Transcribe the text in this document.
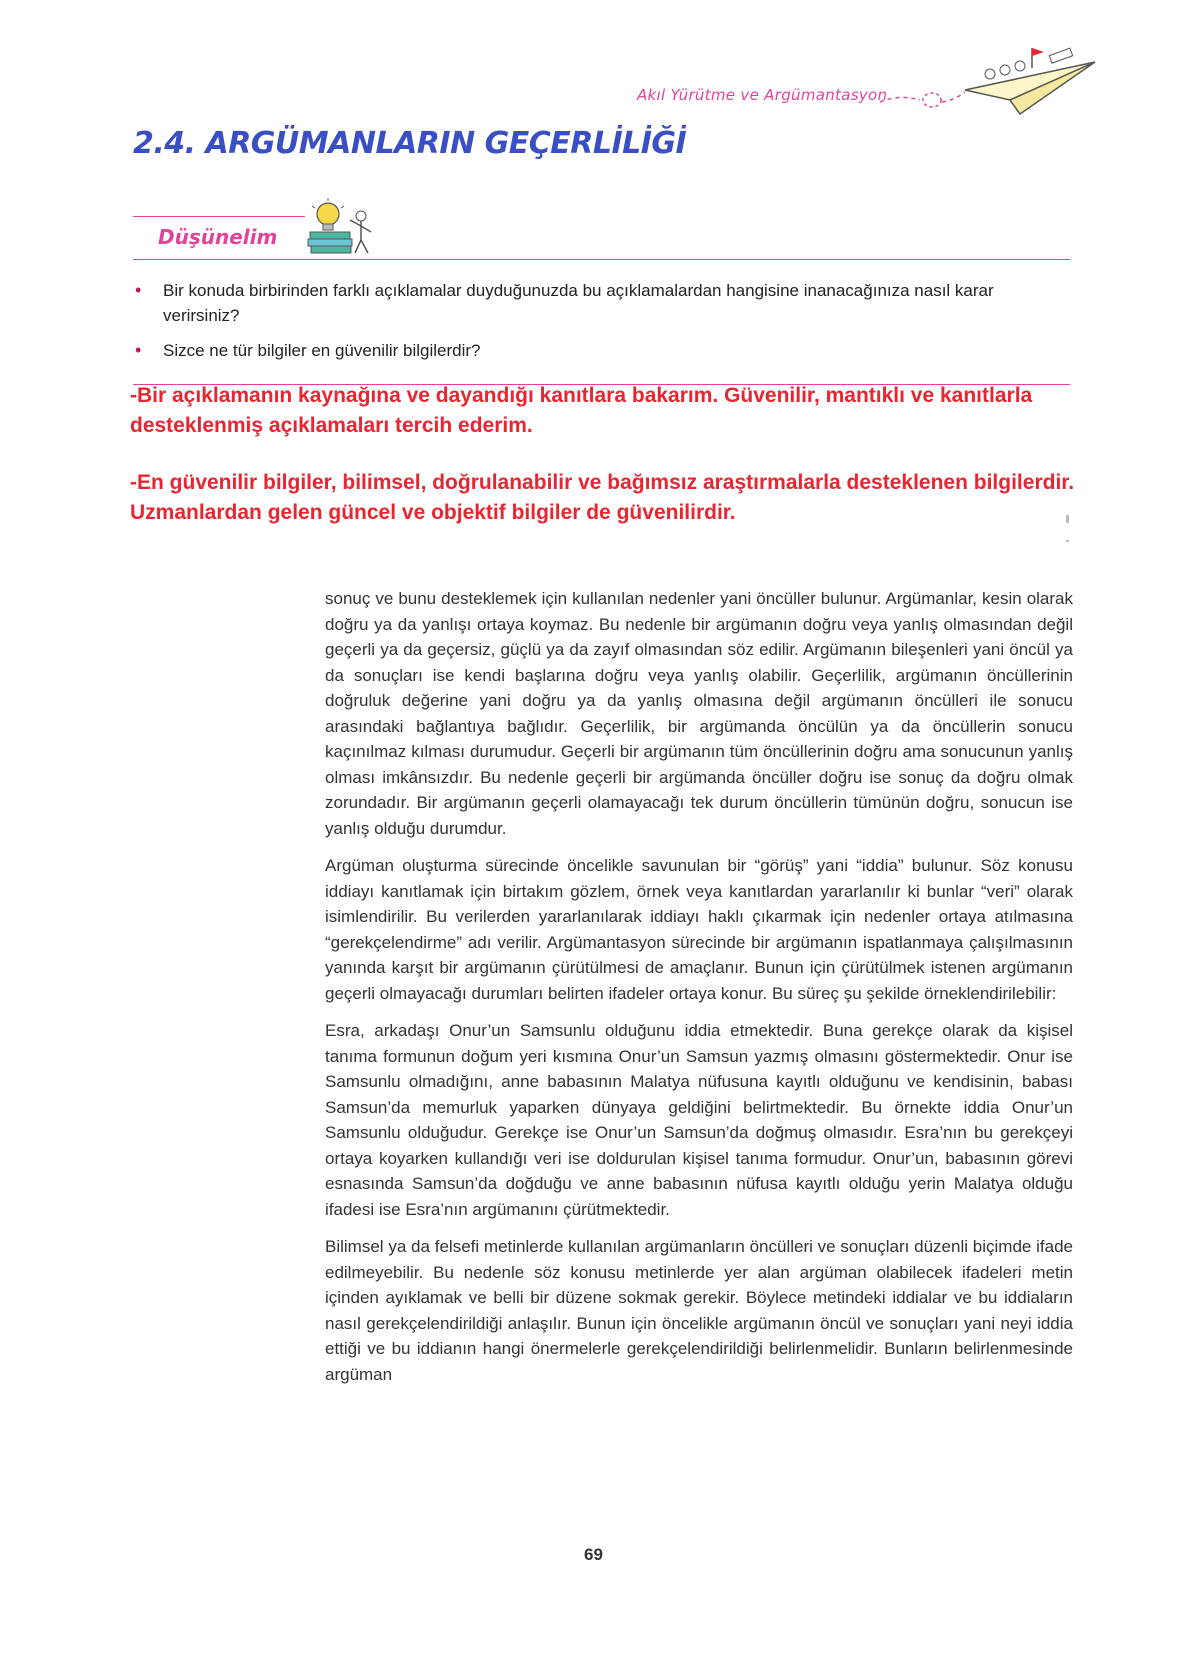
Akıl Yürütme ve Argümantasyon
2.4. ARGÜMANLARIN GEÇERLİLİĞİ
Düşünelim
• Bir konuda birbirinden farklı açıklamalar duyduğunuzda bu açıklamalardan hangisine inanacağınıza nasıl karar verirsiniz?
• Sizce ne tür bilgiler en güvenilir bilgilerdir?

-Bir açıklamanın kaynağına ve dayandığı kanıtlara bakarım. Güvenilir, mantıklı ve kanıtlarla desteklenmiş açıklamaları tercih ederim.

-En güvenilir bilgiler, bilimsel, doğrulanabilir ve bağımsız araştırmalarla desteklenen bilgilerdir. Uzmanlardan gelen güncel ve objektif bilgiler de güvenilirdir.

sonuç ve bunu desteklemek için kullanılan nedenler yani öncüller bulunur. Argümanlar, kesin olarak doğru ya da yanlışı ortaya koymaz. Bu nedenle bir argümanın doğru veya yanlış olmasından değil geçerli ya da geçersiz, güçlü ya da zayıf olmasından söz edilir. Argümanın bileşenleri yani öncül ya da sonuçları ise kendi başlarına doğru veya yanlış olabilir. Geçerlilik, argümanın öncüllerinin doğruluk değerine yani doğru ya da yanlış olmasına değil argümanın öncülleri ile sonucu arasındaki bağlantıya bağlıdır. Geçerlilik, bir argümanda öncülün ya da öncüllerin sonucu kaçınılmaz kılması durumudur. Geçerli bir argümanın tüm öncüllerinin doğru ama sonucunun yanlış olması imkânsızdır. Bu nedenle geçerli bir argümanda öncüller doğru ise sonuç da doğru olmak zorundadır. Bir argümanın geçerli olamayacağı tek durum öncüllerin tümünün doğru, sonucun ise yanlış olduğu durumdur.

Argüman oluşturma sürecinde öncelikle savunulan bir “görüş” yani “iddia” bulunur. Söz konusu iddiayı kanıtlamak için birtakım gözlem, örnek veya kanıtlardan yararlanılır ki bunlar “veri” olarak isimlendirilir. Bu verilerden yararlanılarak iddiayı haklı çıkarmak için nedenler ortaya atılmasına “gerekçelendirme” adı verilir. Argümantasyon sürecinde bir argümanın ispatlanmaya çalışılmasının yanında karşıt bir argümanın çürütülmesi de amaçlanır. Bunun için çürütülmek istenen argümanın geçerli olmayacağı durumları belirten ifadeler ortaya konur. Bu süreç şu şekilde örneklendirilebilir:

Esra, arkadaşı Onur’un Samsunlu olduğunu iddia etmektedir. Buna gerekçe olarak da kişisel tanıma formunun doğum yeri kısmına Onur’un Samsun yazmış olmasını göstermektedir. Onur ise Samsunlu olmadığını, anne babasının Malatya nüfusuna kayıtlı olduğunu ve kendisinin, babası Samsun’da memurluk yaparken dünyaya geldiğini belirtmektedir. Bu örnekte iddia Onur’un Samsunlu olduğudur. Gerekçe ise Onur’un Samsun’da doğmuş olmasıdır. Esra’nın bu gerekçeyi ortaya koyarken kullandığı veri ise doldurulan kişisel tanıma formudur. Onur’un, babasının görevi esnasında Samsun’da doğduğu ve anne babasının nüfusa kayıtlı olduğu yerin Malatya olduğu ifadesi ise Esra’nın argümanını çürütmektedir.

Bilimsel ya da felsefi metinlerde kullanılan argümanların öncülleri ve sonuçları düzenli biçimde ifade edilmeyebilir. Bu nedenle söz konusu metinlerde yer alan argüman olabilecek ifadeleri metin içinden ayıklamak ve belli bir düzene sokmak gerekir. Böylece metindeki iddialar ve bu iddiaların nasıl gerekçelendirildiği anlaşılır. Bunun için öncelikle argümanın öncül ve sonuçları yani neyi iddia ettiği ve bu iddianın hangi önermelerle gerekçelendirildiği belirlenmelidir. Bunların belirlenmesinde argüman

69
